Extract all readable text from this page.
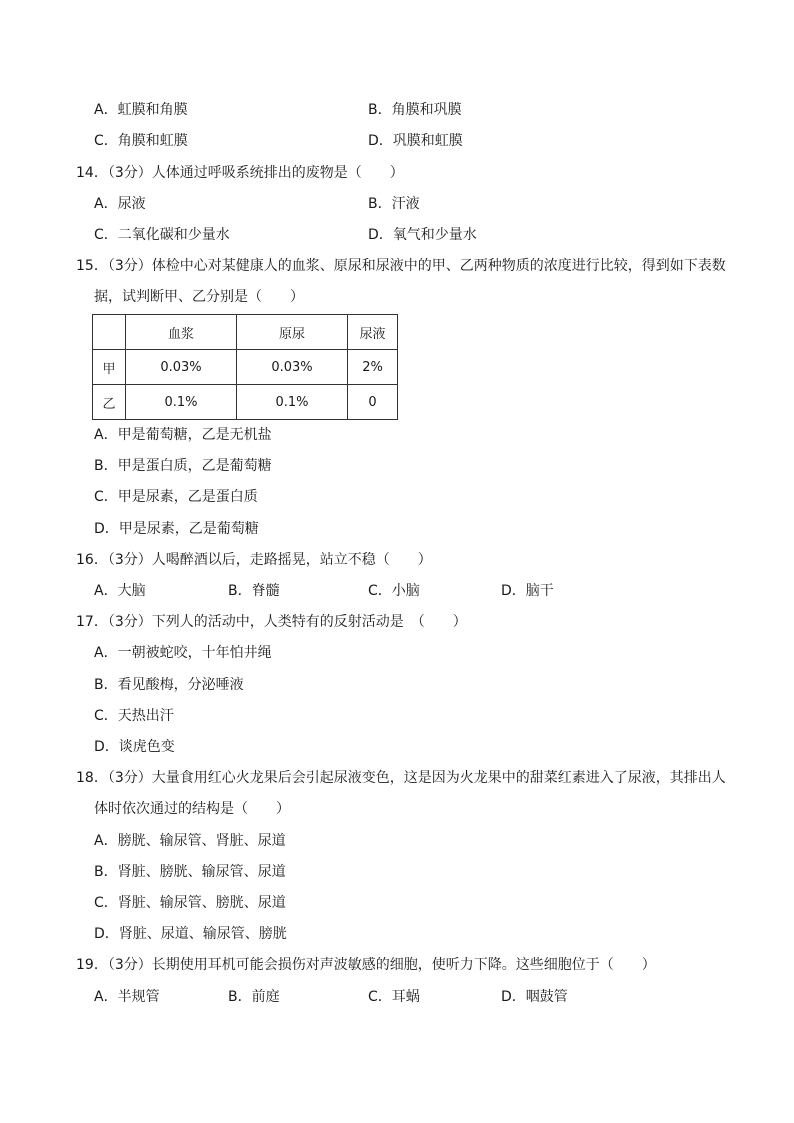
A．虹膜和角膜	B．角膜和巩膜
C．角膜和虹膜	D．巩膜和虹膜
14．（3分）人体通过呼吸系统排出的废物是（　　）
A．尿液	B．汗液
C．二氧化碳和少量水	D．氧气和少量水
15．（3分）体检中心对某健康人的血浆、原尿和尿液中的甲、乙两种物质的浓度进行比较，得到如下表数
据，试判断甲、乙分别是（　　）
	血浆	原尿	尿液
甲	0.03%	0.03%	2%
乙	0.1%	0.1%	0
A．甲是葡萄糖，乙是无机盐
B．甲是蛋白质，乙是葡萄糖
C．甲是尿素，乙是蛋白质
D．甲是尿素，乙是葡萄糖
16．（3分）人喝醉酒以后，走路摇晃，站立不稳（　　）
A．大脑	B．脊髓	C．小脑	D．脑干
17．（3分）下列人的活动中，人类特有的反射活动是　（　　）
A．一朝被蛇咬，十年怕井绳
B．看见酸梅，分泌唾液
C．天热出汗
D．谈虎色变
18．（3分）大量食用红心火龙果后会引起尿液变色，这是因为火龙果中的甜菜红素进入了尿液，其排出人
体时依次通过的结构是（　　）
A．膀胱、输尿管、肾脏、尿道
B．肾脏、膀胱、输尿管、尿道
C．肾脏、输尿管、膀胱、尿道
D．肾脏、尿道、输尿管、膀胱
19．（3分）长期使用耳机可能会损伤对声波敏感的细胞，使听力下降。这些细胞位于（　　）
A．半规管	B．前庭	C．耳蜗	D．咽鼓管
